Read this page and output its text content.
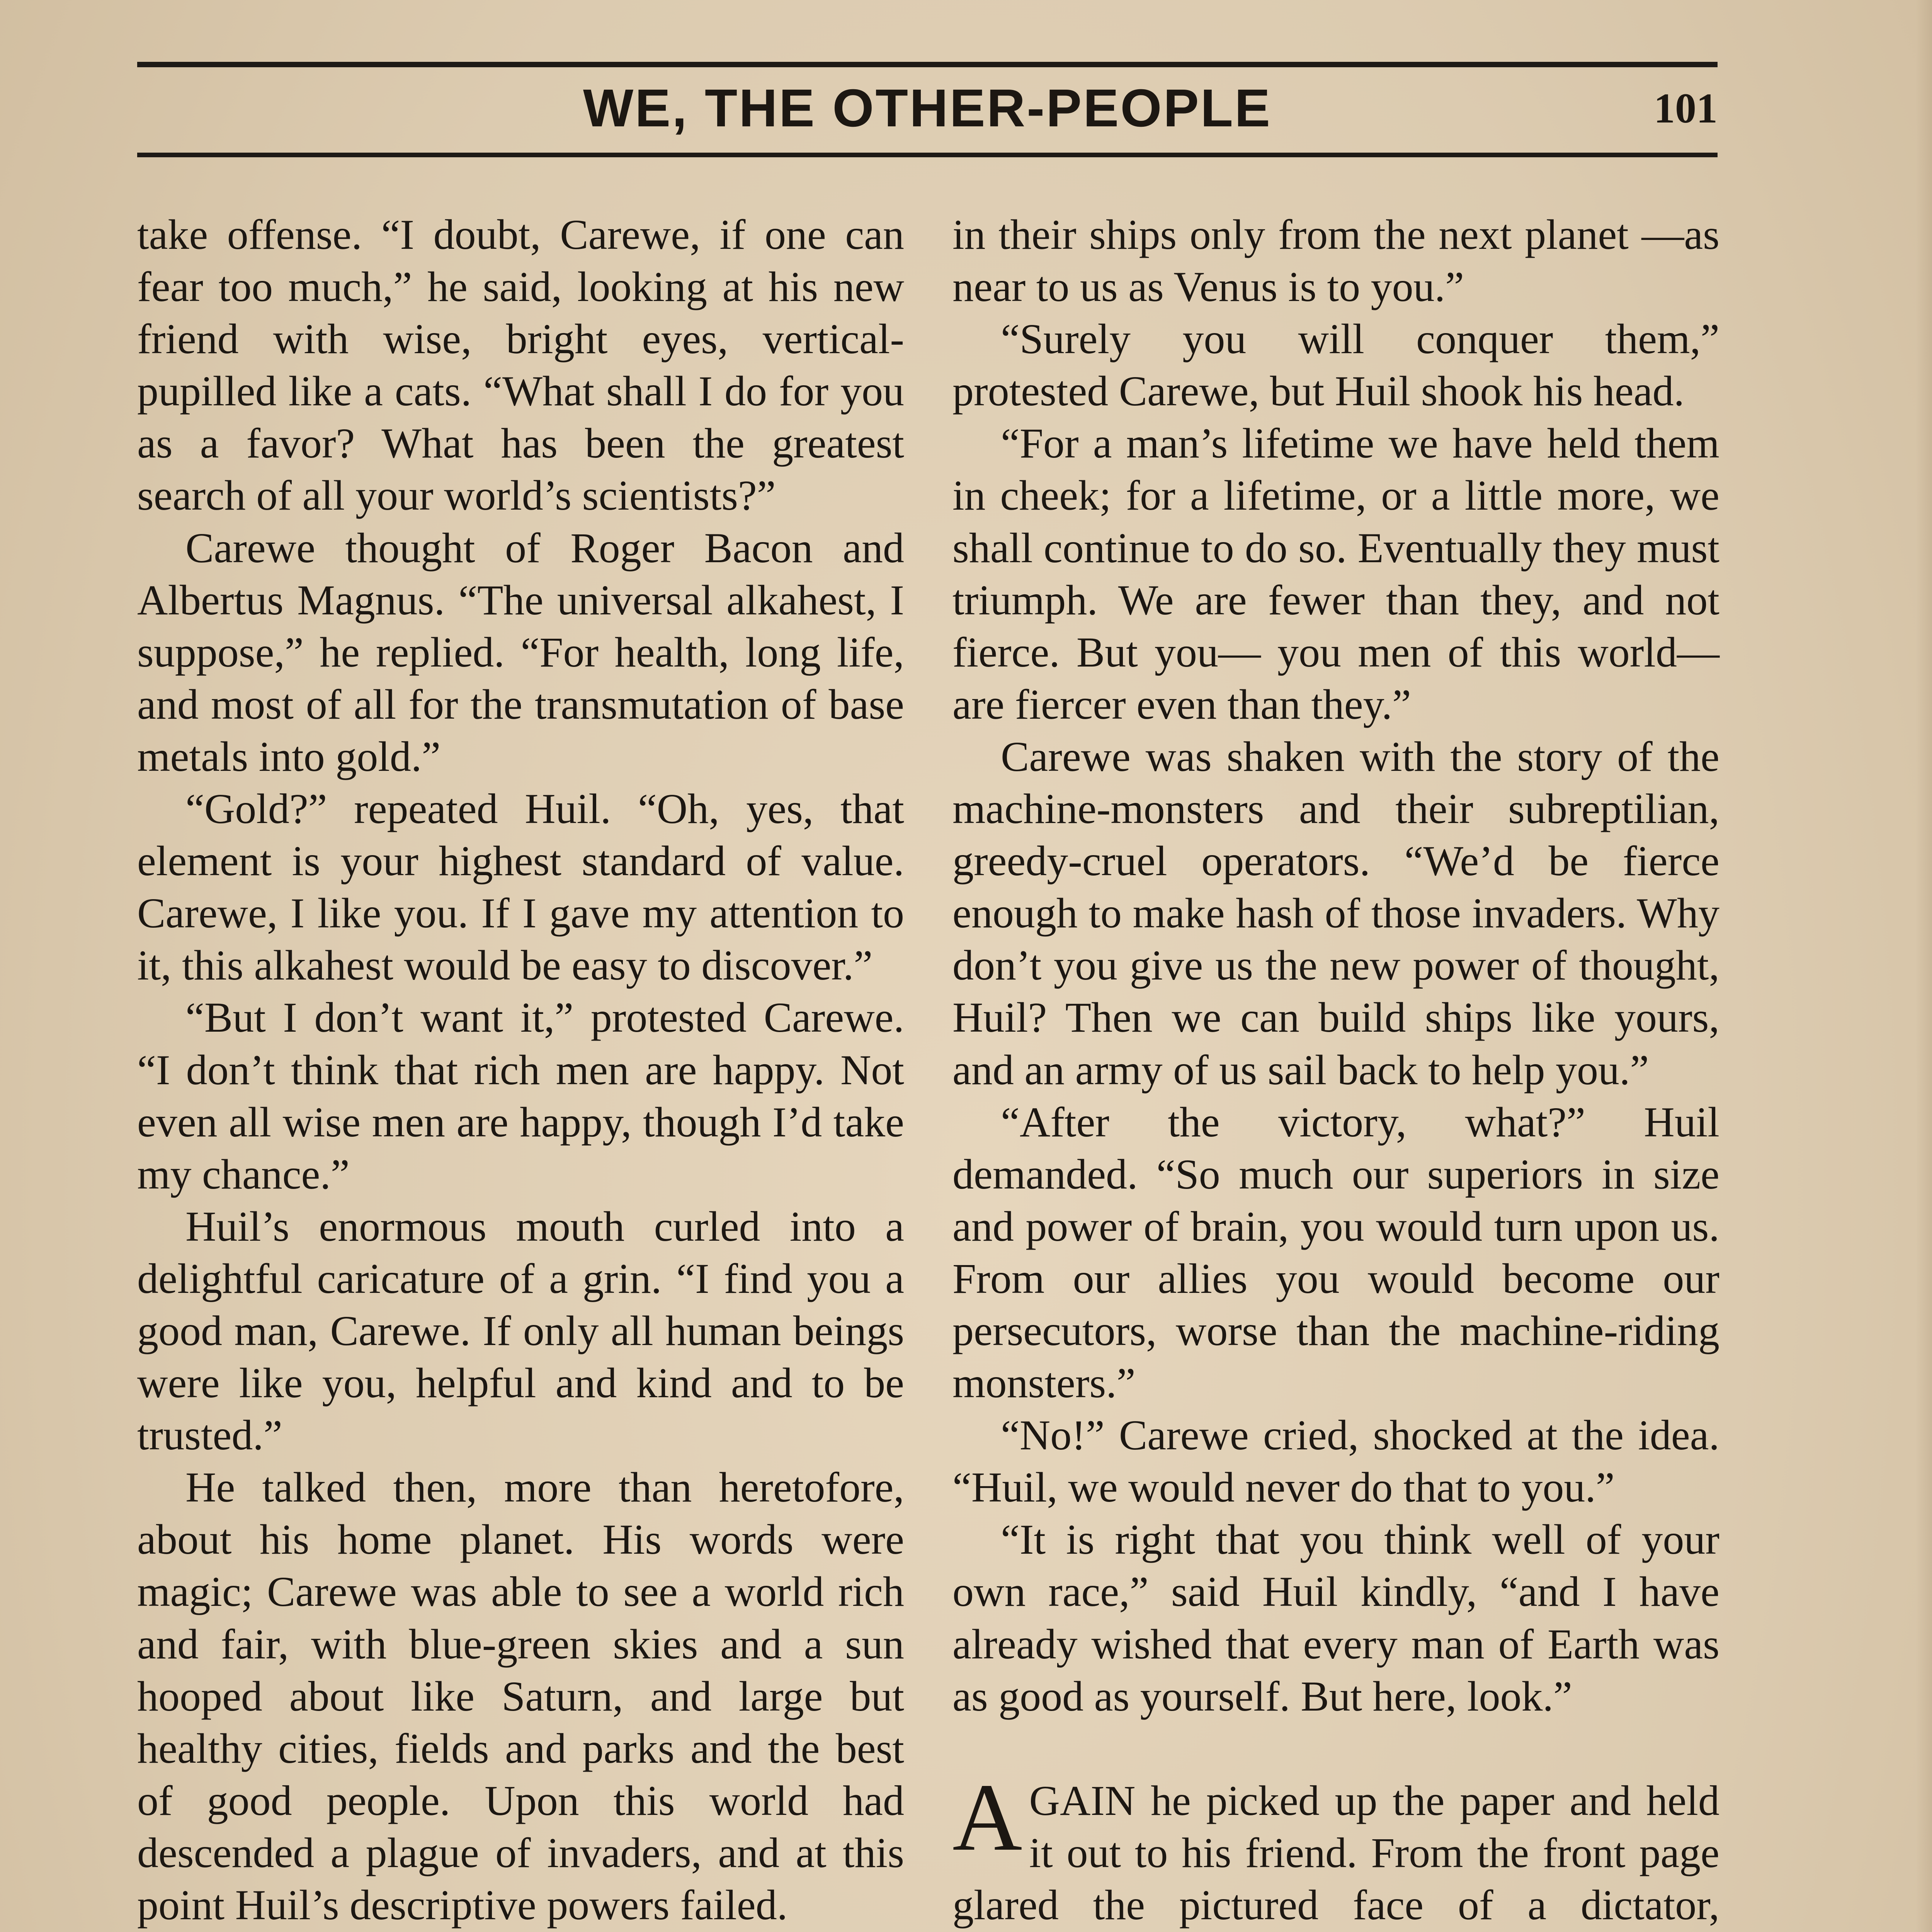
WE, THE OTHER-PEOPLE	101

take offense. “I doubt, Carewe, if one can fear too much,” he said, looking at his new friend with wise, bright eyes, vertical-pupilled like a cats. “What shall I do for you as a favor? What has been the greatest search of all your world’s scientists?”

Carewe thought of Roger Bacon and Albertus Magnus. “The universal alkahest, I suppose,” he replied. “For health, long life, and most of all for the transmutation of base metals into gold.”

“Gold?” repeated Huil. “Oh, yes, that element is your highest standard of value. Carewe, I like you. If I gave my attention to it, this alkahest would be easy to discover.”

“But I don’t want it,” protested Carewe. “I don’t think that rich men are happy. Not even all wise men are happy, though I’d take my chance.”

Huil’s enormous mouth curled into a delightful caricature of a grin. “I find you a good man, Carewe. If only all human beings were like you, helpful and kind and to be trusted.”

He talked then, more than heretofore, about his home planet. His words were magic; Carewe was able to see a world rich and fair, with blue-green skies and a sun hooped about like Saturn, and large but healthy cities, fields and parks and the best of good people. Upon this world had descended a plague of invaders, and at this point Huil’s descriptive powers failed.

in their ships only from the next planet —as near to us as Venus is to you.”

“Surely you will conquer them,” protested Carewe, but Huil shook his head.

“For a man’s lifetime we have held them in cheek; for a lifetime, or a little more, we shall continue to do so. Eventually they must triumph. We are fewer than they, and not fierce. But you— you men of this world—are fiercer even than they.”

Carewe was shaken with the story of the machine-monsters and their subreptilian, greedy-cruel operators. “We’d be fierce enough to make hash of those invaders. Why don’t you give us the new power of thought, Huil? Then we can build ships like yours, and an army of us sail back to help you.”

“After the victory, what?” Huil demanded. “So much our superiors in size and power of brain, you would turn upon us. From our allies you would become our persecutors, worse than the machine-riding monsters.”

“No!” Carewe cried, shocked at the idea. “Huil, we would never do that to you.”

“It is right that you think well of your own race,” said Huil kindly, “and I have already wished that every man of Earth was as good as yourself. But here, look.”

AGAIN he picked up the paper and held it out to his friend. From the front page glared the pictured face of a dictator,
